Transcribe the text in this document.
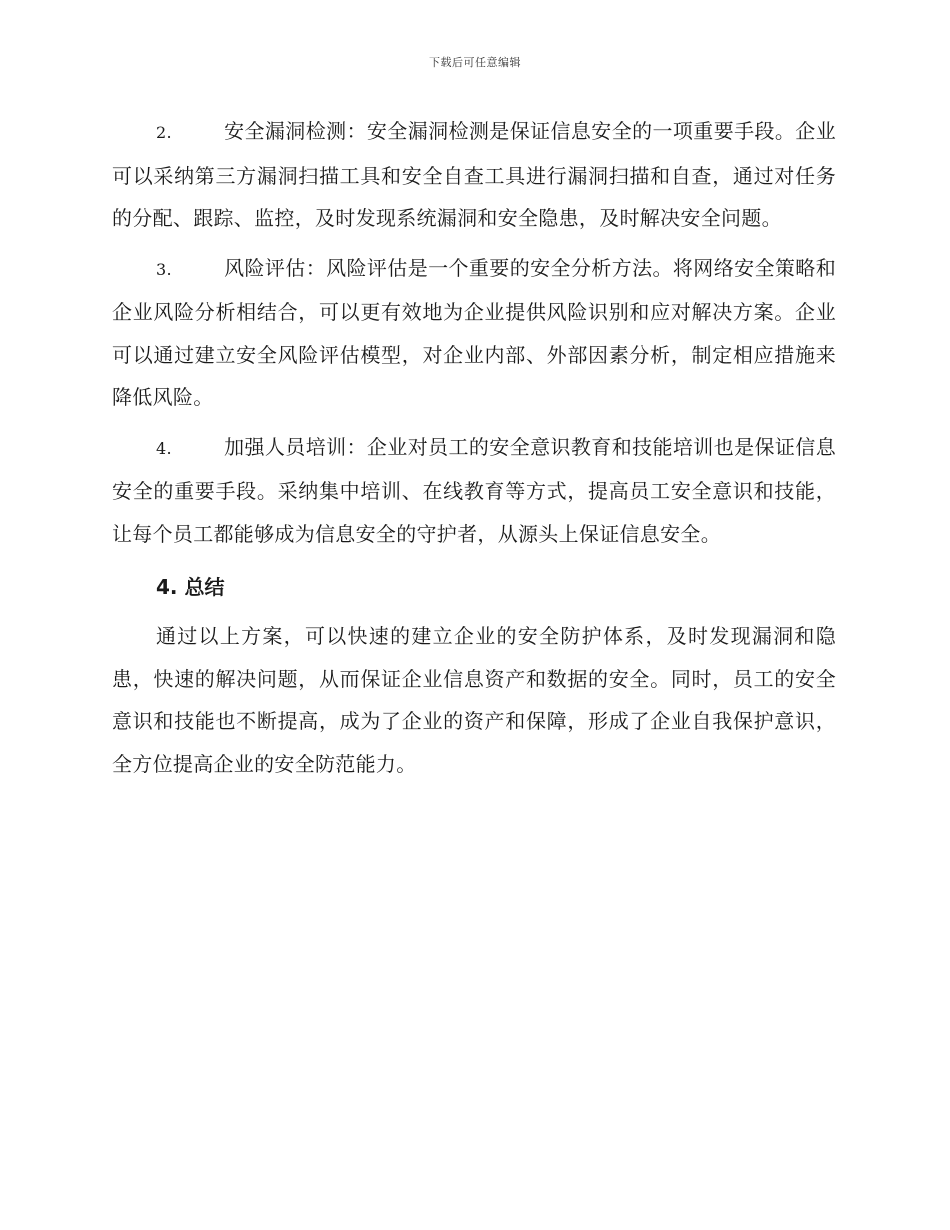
下载后可任意编辑

2.	安全漏洞检测：安全漏洞检测是保证信息安全的一项重要手段。企业可以采纳第三方漏洞扫描工具和安全自查工具进行漏洞扫描和自查，通过对任务的分配、跟踪、监控，及时发现系统漏洞和安全隐患，及时解决安全问题。

3.	风险评估：风险评估是一个重要的安全分析方法。将网络安全策略和企业风险分析相结合，可以更有效地为企业提供风险识别和应对解决方案。企业可以通过建立安全风险评估模型，对企业内部、外部因素分析，制定相应措施来降低风险。

4.	加强人员培训：企业对员工的安全意识教育和技能培训也是保证信息安全的重要手段。采纳集中培训、在线教育等方式，提高员工安全意识和技能，让每个员工都能够成为信息安全的守护者，从源头上保证信息安全。

4. 总结

通过以上方案，可以快速的建立企业的安全防护体系，及时发现漏洞和隐患，快速的解决问题，从而保证企业信息资产和数据的安全。同时，员工的安全意识和技能也不断提高，成为了企业的资产和保障，形成了企业自我保护意识，全方位提高企业的安全防范能力。
